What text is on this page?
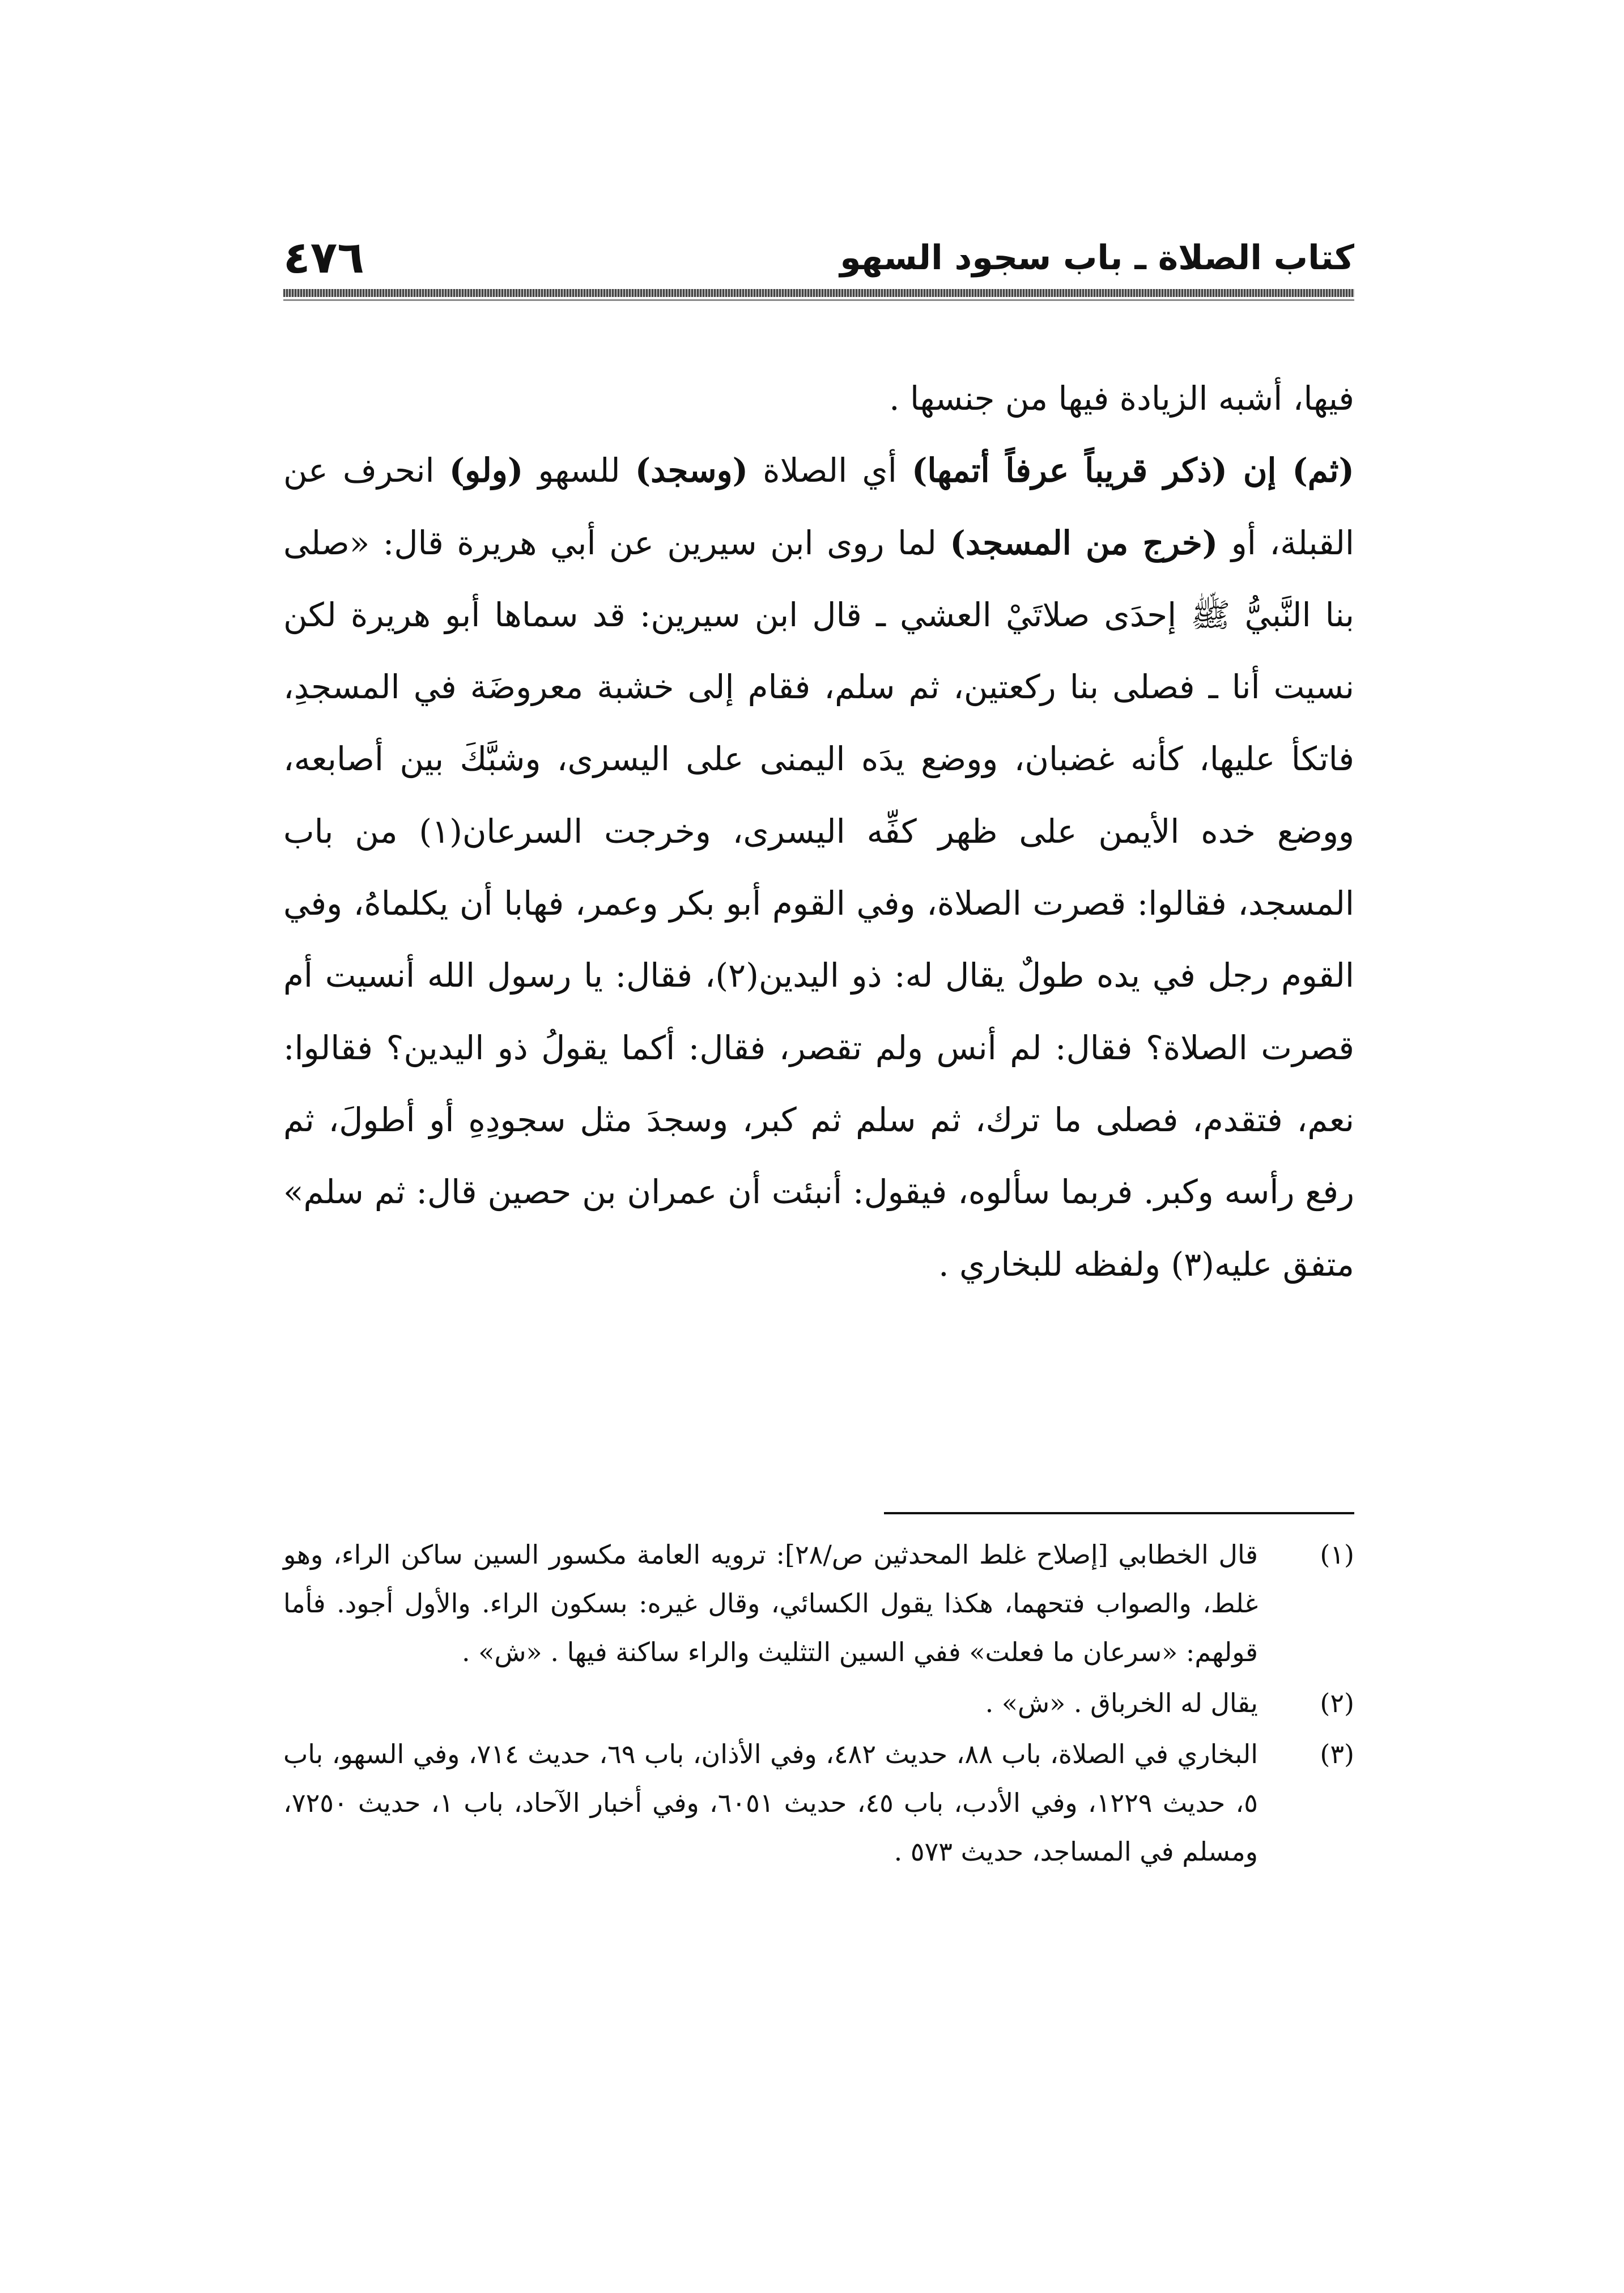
٤٧٦	كتاب الصلاة ـ باب سجود السهو

فيها، أشبه الزيادة فيها من جنسها .

(ثم) إن (ذكر قريباً عرفاً أتمها) أي الصلاة (وسجد) للسهو (ولو) انحرف عن القبلة، أو (خرج من المسجد) لما روى ابن سيرين عن أبي هريرة قال: «صلى بنا النَّبيُّ ﷺ إحدَى صلاتَيْ العشي ـ قال ابن سيرين: قد سماها أبو هريرة لكن نسيت أنا ـ فصلى بنا ركعتين، ثم سلم، فقام إلى خشبة معروضَة في المسجدِ، فاتكأ عليها، كأنه غضبان، ووضع يدَه اليمنى على اليسرى، وشبَّكَ بين أصابعه، ووضع خده الأيمن على ظهر كفِّه اليسرى، وخرجت السرعان(١) من باب المسجد، فقالوا: قصرت الصلاة، وفي القوم أبو بكر وعمر، فهابا أن يكلماهُ، وفي القوم رجل في يده طولٌ يقال له: ذو اليدين(٢)، فقال: يا رسول الله أنسيت أم قصرت الصلاة؟ فقال: لم أنس ولم تقصر، فقال: أكما يقولُ ذو اليدين؟ فقالوا: نعم، فتقدم، فصلى ما ترك، ثم سلم ثم كبر، وسجدَ مثل سجودِهِ أو أطولَ، ثم رفع رأسه وكبر. فربما سألوه، فيقول: أنبئت أن عمران بن حصين قال: ثم سلم» متفق عليه(٣) ولفظه للبخاري .

(١)
قال الخطابي [إصلاح غلط المحدثين ص/٢٨]: ترويه العامة مكسور السين ساكن الراء، وهو غلط، والصواب فتحهما، هكذا يقول الكسائي، وقال غيره: بسكون الراء. والأول أجود. فأما قولهم: «سرعان ما فعلت» ففي السين التثليث والراء ساكنة فيها . «ش» .
(٢)
يقال له الخرباق . «ش» .
(٣)
البخاري في الصلاة، باب ٨٨، حديث ٤٨٢، وفي الأذان، باب ٦٩، حديث ٧١٤، وفي السهو، باب ٥، حديث ١٢٢٩، وفي الأدب، باب ٤٥، حديث ٦٠٥١، وفي أخبار الآحاد، باب ١، حديث ٧٢٥٠، ومسلم في المساجد، حديث ٥٧٣ .
